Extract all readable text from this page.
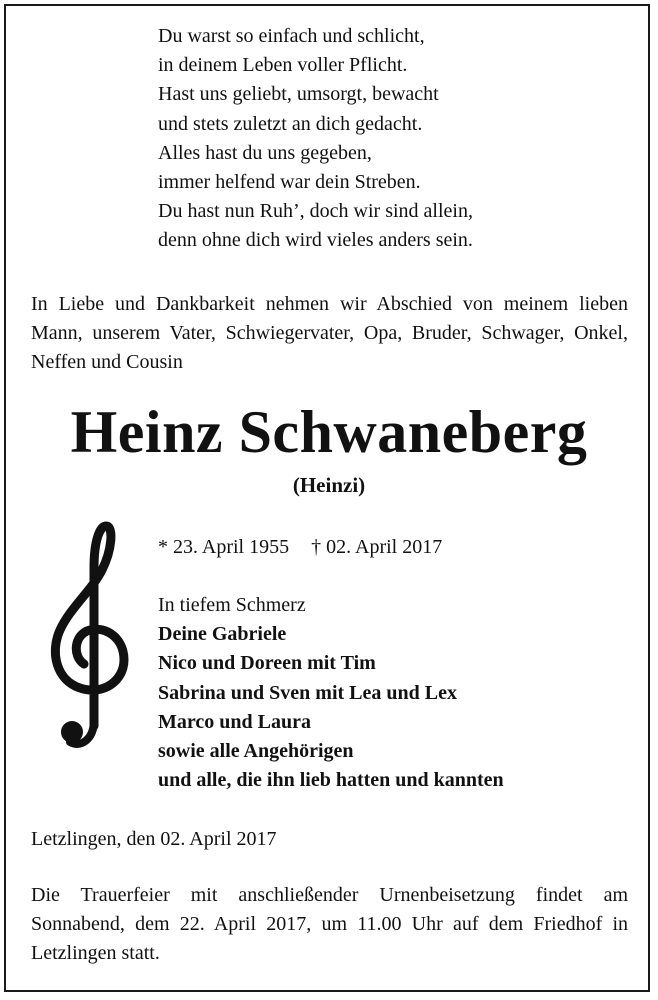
Du warst so einfach und schlicht,
in deinem Leben voller Pflicht.
Hast uns geliebt, umsorgt, bewacht
und stets zuletzt an dich gedacht.
Alles hast du uns gegeben,
immer helfend war dein Streben.
Du hast nun Ruh’, doch wir sind allein,
denn ohne dich wird vieles anders sein.
In Liebe und Dankbarkeit nehmen wir Abschied von meinem lieben Mann, unserem Vater, Schwiegervater, Opa, Bruder, Schwager, Onkel, Neffen und Cousin
Heinz Schwaneberg
(Heinzi)
* 23. April 1955 † 02. April 2017
In tiefem Schmerz
Deine Gabriele
Nico und Doreen mit Tim
Sabrina und Sven mit Lea und Lex
Marco und Laura
sowie alle Angehörigen
und alle, die ihn lieb hatten und kannten
Letzlingen, den 02. April 2017
Die Trauerfeier mit anschließender Urnenbeisetzung findet am Sonnabend, dem 22. April 2017, um 11.00 Uhr auf dem Friedhof in Letzlingen statt.
